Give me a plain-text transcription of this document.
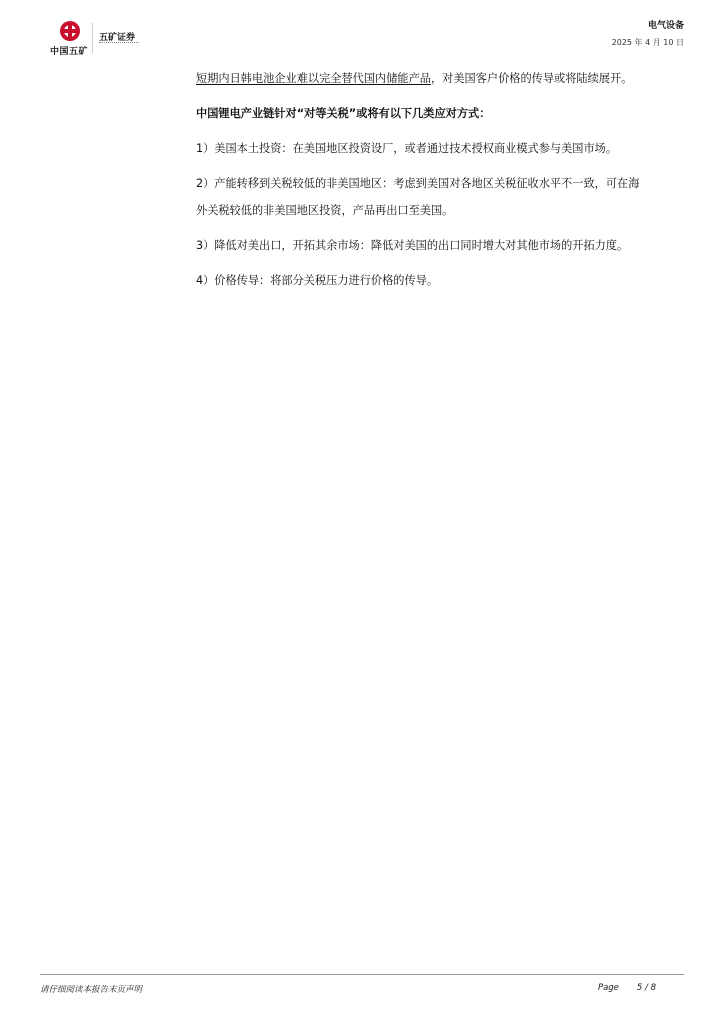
中国五矿
五矿证券
电气设备
2025 年 4 月 10 日

短期内日韩电池企业难以完全替代国内储能产品，对美国客户价格的传导或将陆续展开。

中国锂电产业链针对“对等关税”或将有以下几类应对方式：

1）美国本土投资：在美国地区投资设厂，或者通过技术授权商业模式参与美国市场。

2）产能转移到关税较低的非美国地区：考虑到美国对各地区关税征收水平不一致，可在海
外关税较低的非美国地区投资，产品再出口至美国。

3）降低对美出口，开拓其余市场：降低对美国的出口同时增大对其他市场的开拓力度。

4）价格传导：将部分关税压力进行价格的传导。

请仔细阅读本报告末页声明	Page 5 / 8
